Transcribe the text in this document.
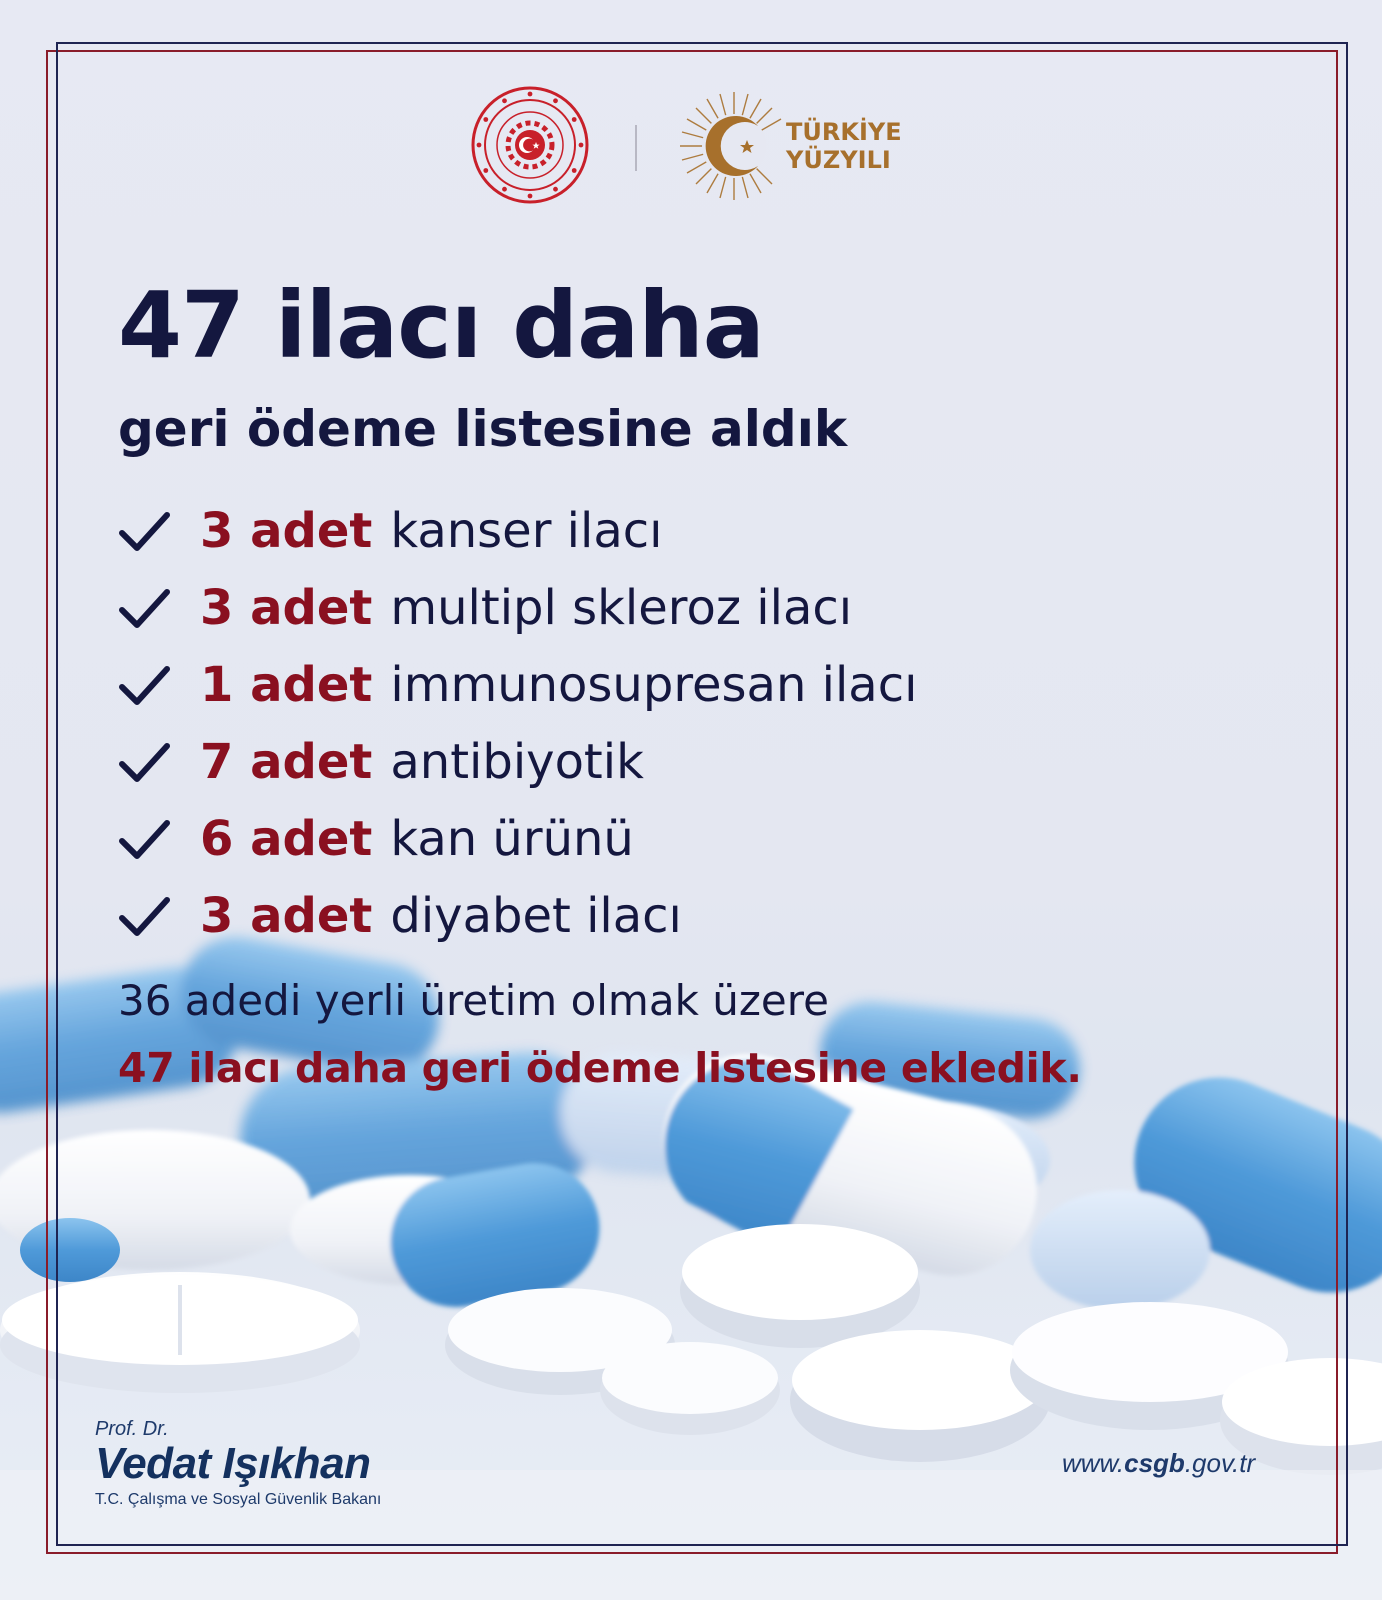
TÜRKİYE
YÜZYILI
47 ilacı daha
geri ödeme listesine aldık
3 adet kanser ilacı
3 adet multipl skleroz ilacı
1 adet immunosupresan ilacı
7 adet antibiyotik
6 adet kan ürünü
3 adet diyabet ilacı

36 adedi yerli üretim olmak üzere

47 ilacı daha geri ödeme listesine ekledik.

Prof. Dr.
Vedat Işıkhan
T.C. Çalışma ve Sosyal Güvenlik Bakanı
www.csgb.gov.tr
